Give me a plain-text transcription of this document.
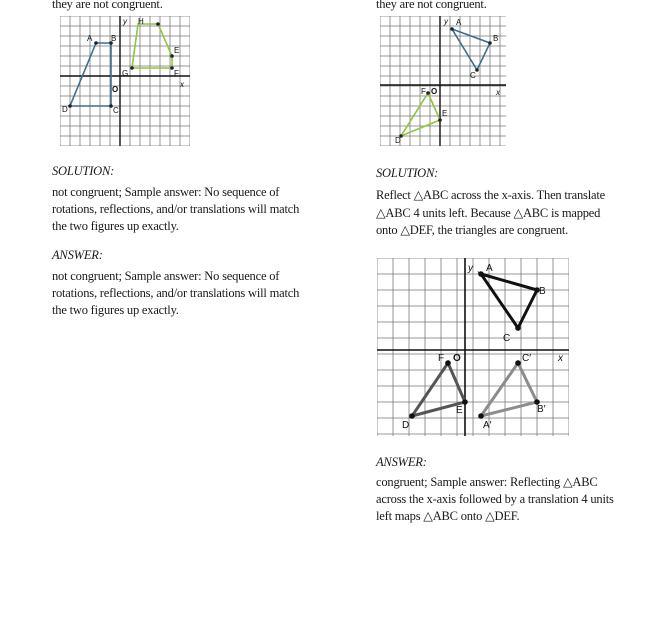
they are not congruent.
y
x
O
A B
C
D
E
F
G
H
SOLUTION:
not congruent; Sample answer: No sequence of
rotations, reflections, and/or translations will match
the two figures up exactly.
ANSWER:
not congruent; Sample answer: No sequence of
rotations, reflections, and/or translations will match
the two figures up exactly.
they are not congruent.
y
x
O
A
B
C
D
E
F
SOLUTION:
Reflect △ABC across the x-axis. Then translate
△ABC 4 units left. Because △ABC is mapped
onto △DEF, the triangles are congruent.
y
x
O
A
B
C
D
E
F
A′
B′
C′
ANSWER:
congruent; Sample answer: Reflecting △ABC
across the x-axis followed by a translation 4 units
left maps △ABC onto △DEF.
